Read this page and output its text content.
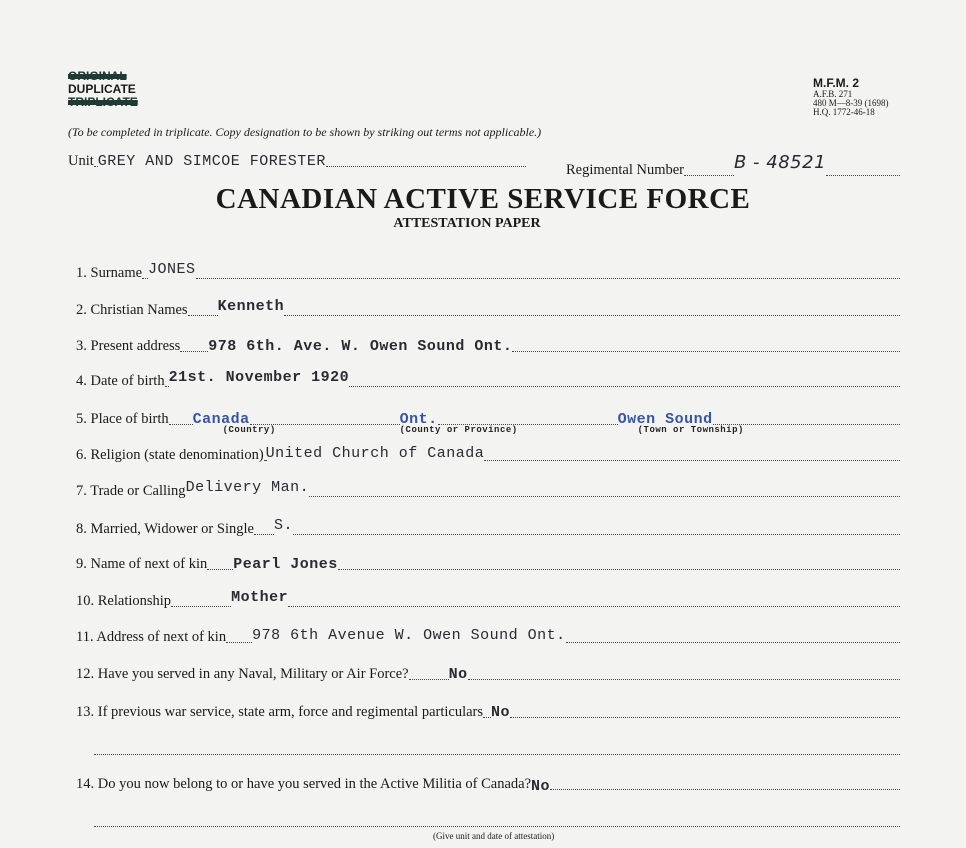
ORIGINAL
DUPLICATE
TRIPLICATE
(To be completed in triplicate. Copy designation to be shown by striking out terms not applicable.)
M.F.M. 2
A.F.B. 271
480 M—8-39 (1698)
H.Q. 1772-46-18
Unit GREY AND SIMCOE FORESTER	Regimental Number	B - 48521
CANADIAN ACTIVE SERVICE FORCE
ATTESTATION PAPER
1. Surname JONES
2. Christian Names Kenneth
3. Present address 978 6th. Ave. W. Owen Sound Ont.
4. Date of birth 21st. November 1920
5. Place of birth Canada
(Country)
Ont.
(County or Province)
Owen Sound
(Town or Township)
6. Religion (state denomination) United Church of Canada
7. Trade or Calling Delivery Man.
8. Married, Widower or Single S.
9. Name of next of kin Pearl Jones
10. Relationship	Mother
11. Address of next of kin 978 6th Avenue W. Owen Sound Ont.
12. Have you served in any Naval, Military or Air Force?	No
13. If previous war service, state arm, force and regimental particulars No
14. Do you now belong to or have you served in the Active Militia of Canada? No
(Give unit and date of attestation)
